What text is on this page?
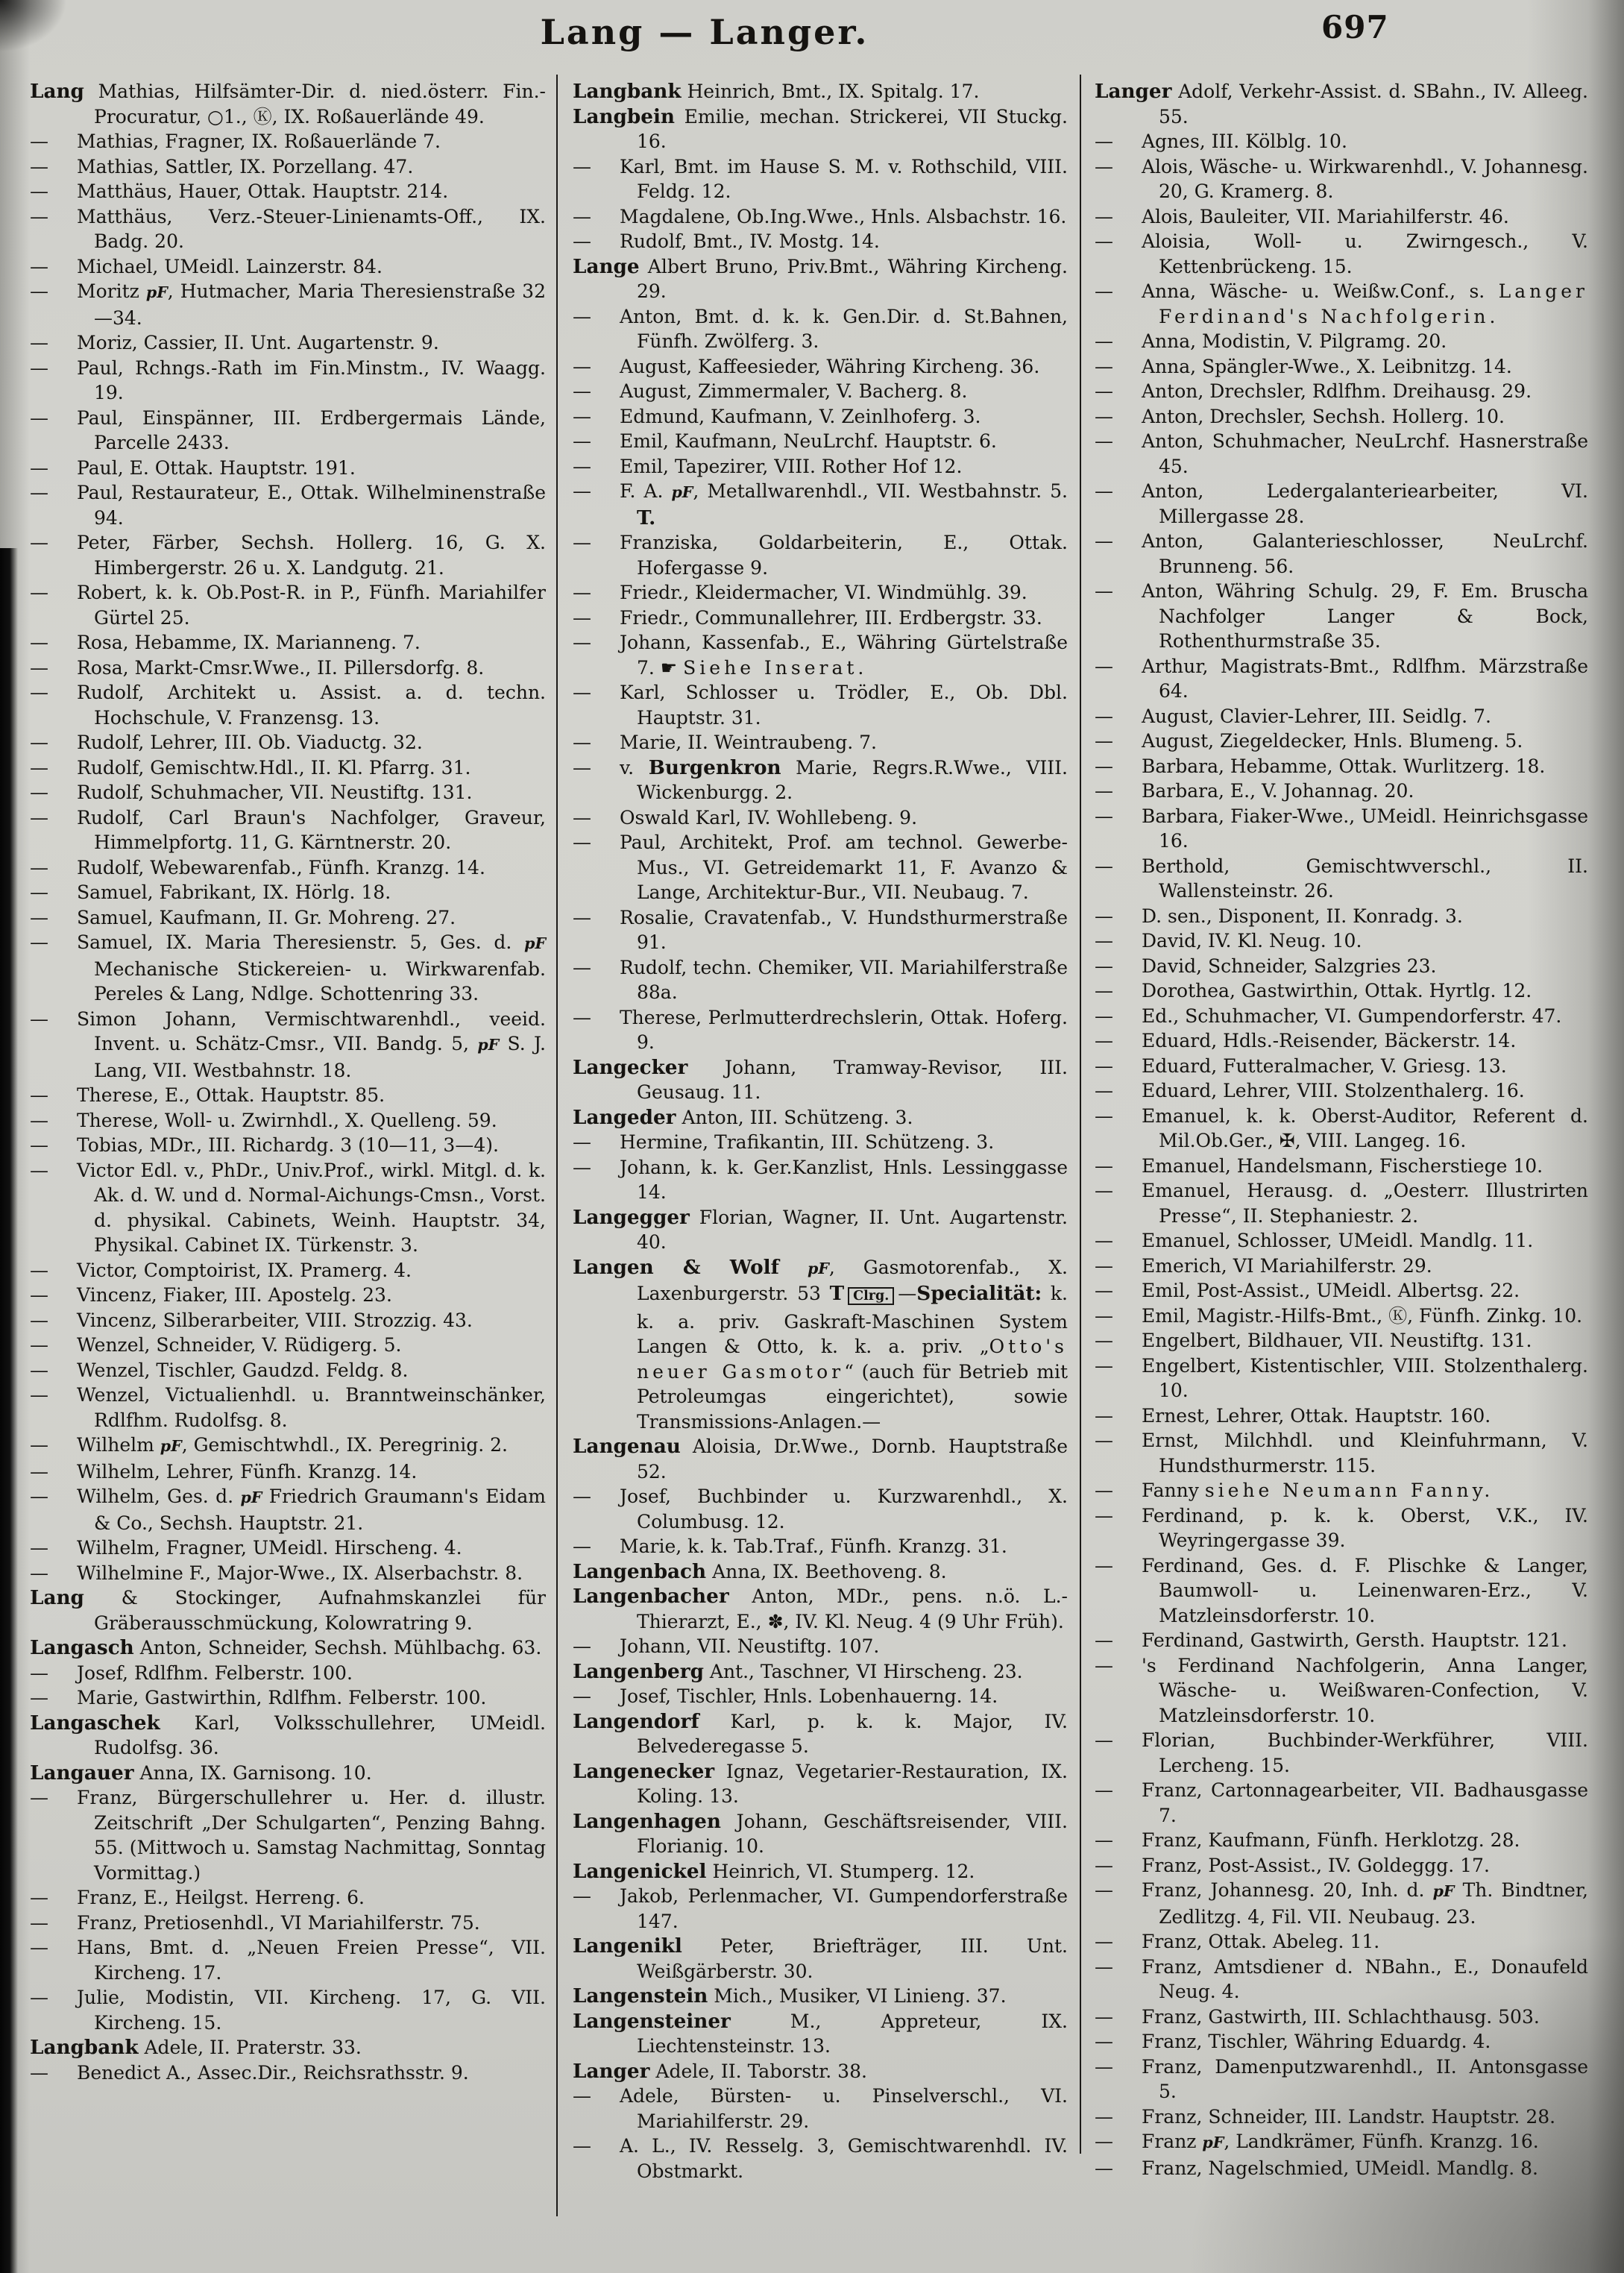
Lang — Langer.	697

Lang Mathias, Hilfsämter-Dir. d. nied.österr. Fin.-Procuratur, ○1., Ⓚ, IX. Roßauerlände 49.

— Mathias, Fragner, IX. Roßauerlände 7.

— Mathias, Sattler, IX. Porzellang. 47.

— Matthäus, Hauer, Ottak. Hauptstr. 214.

— Matthäus, Verz.-Steuer-Linienamts-Off., IX. Badg. 20.

— Michael, UMeidl. Lainzerstr. 84.

— Moritz pF, Hutmacher, Maria Theresienstraße 32—34.

— Moriz, Cassier, II. Unt. Augartenstr. 9.

— Paul, Rchngs.-Rath im Fin.Minstm., IV. Waagg. 19.

— Paul, Einspänner, III. Erdbergermais Lände, Parcelle 2433.

— Paul, E. Ottak. Hauptstr. 191.

— Paul, Restaurateur, E., Ottak. Wilhelminenstraße 94.

— Peter, Färber, Sechsh. Hollerg. 16, G. X. Himbergerstr. 26 u. X. Landgutg. 21.

— Robert, k. k. Ob.Post-R. in P., Fünfh. Mariahilfer Gürtel 25.

— Rosa, Hebamme, IX. Marianneng. 7.

— Rosa, Markt-Cmsr.Wwe., II. Pillersdorfg. 8.

— Rudolf, Architekt u. Assist. a. d. techn. Hochschule, V. Franzensg. 13.

— Rudolf, Lehrer, III. Ob. Viaductg. 32.

— Rudolf, Gemischtw.Hdl., II. Kl. Pfarrg. 31.

— Rudolf, Schuhmacher, VII. Neustiftg. 131.

— Rudolf, Carl Braun's Nachfolger, Graveur, Himmelpfortg. 11, G. Kärntnerstr. 20.

— Rudolf, Webewarenfab., Fünfh. Kranzg. 14.

— Samuel, Fabrikant, IX. Hörlg. 18.

— Samuel, Kaufmann, II. Gr. Mohreng. 27.

— Samuel, IX. Maria Theresienstr. 5, Ges. d. pF Mechanische Stickereien- u. Wirkwarenfab. Pereles & Lang, Ndlge. Schottenring 33.

— Simon Johann, Vermischtwarenhdl., veeid. Invent. u. Schätz-Cmsr., VII. Bandg. 5, pF S. J. Lang, VII. Westbahnstr. 18.

— Therese, E., Ottak. Hauptstr. 85.

— Therese, Woll- u. Zwirnhdl., X. Quelleng. 59.

— Tobias, MDr., III. Richardg. 3 (10—11, 3—4).

— Victor Edl. v., PhDr., Univ.Prof., wirkl. Mitgl. d. k. Ak. d. W. und d. Normal-Aichungs-Cmsn., Vorst. d. physikal. Cabinets, Weinh. Hauptstr. 34, Physikal. Cabinet IX. Türkenstr. 3.

— Victor, Comptoirist, IX. Pramerg. 4.

— Vincenz, Fiaker, III. Apostelg. 23.

— Vincenz, Silberarbeiter, VIII. Strozzig. 43.

— Wenzel, Schneider, V. Rüdigerg. 5.

— Wenzel, Tischler, Gaudzd. Feldg. 8.

— Wenzel, Victualienhdl. u. Branntweinschänker, Rdlfhm. Rudolfsg. 8.

— Wilhelm pF, Gemischtwhdl., IX. Peregrinig. 2.

— Wilhelm, Lehrer, Fünfh. Kranzg. 14.

— Wilhelm, Ges. d. pF Friedrich Graumann's Eidam & Co., Sechsh. Hauptstr. 21.

— Wilhelm, Fragner, UMeidl. Hirscheng. 4.

— Wilhelmine F., Major-Wwe., IX. Alserbachstr. 8.

Lang & Stockinger, Aufnahmskanzlei für Gräberausschmückung, Kolowratring 9.

Langasch Anton, Schneider, Sechsh. Mühlbachg. 63.

— Josef, Rdlfhm. Felberstr. 100.

— Marie, Gastwirthin, Rdlfhm. Felberstr. 100.

Langaschek Karl, Volksschullehrer, UMeidl. Rudolfsg. 36.

Langauer Anna, IX. Garnisong. 10.

— Franz, Bürgerschullehrer u. Her. d. illustr. Zeitschrift „Der Schulgarten“, Penzing Bahng. 55. (Mittwoch u. Samstag Nachmittag, Sonntag Vormittag.)

— Franz, E., Heilgst. Herreng. 6.

— Franz, Pretiosenhdl., VI Mariahilferstr. 75.

— Hans, Bmt. d. „Neuen Freien Presse“, VII. Kircheng. 17.

— Julie, Modistin, VII. Kircheng. 17, G. VII. Kircheng. 15.

Langbank Adele, II. Praterstr. 33.

— Benedict A., Assec.Dir., Reichsrathsstr. 9.

Langbank Heinrich, Bmt., IX. Spitalg. 17.

Langbein Emilie, mechan. Strickerei, VII Stuckg. 16.

— Karl, Bmt. im Hause S. M. v. Rothschild, VIII. Feldg. 12.

— Magdalene, Ob.Ing.Wwe., Hnls. Alsbachstr. 16.

— Rudolf, Bmt., IV. Mostg. 14.

Lange Albert Bruno, Priv.Bmt., Währing Kircheng. 29.

— Anton, Bmt. d. k. k. Gen.Dir. d. St.Bahnen, Fünfh. Zwölferg. 3.

— August, Kaffeesieder, Währing Kircheng. 36.

— August, Zimmermaler, V. Bacherg. 8.

— Edmund, Kaufmann, V. Zeinlhoferg. 3.

— Emil, Kaufmann, NeuLrchf. Hauptstr. 6.

— Emil, Tapezirer, VIII. Rother Hof 12.

— F. A. pF, Metallwarenhdl., VII. Westbahnstr. 5. T.

— Franziska, Goldarbeiterin, E., Ottak. Hofergasse 9.

— Friedr., Kleidermacher, VI. Windmühlg. 39.

— Friedr., Communallehrer, III. Erdbergstr. 33.

— Johann, Kassenfab., E., Währing Gürtelstraße 7. ☛ Siehe Inserat.

— Karl, Schlosser u. Trödler, E., Ob. Dbl. Hauptstr. 31.

— Marie, II. Weintraubeng. 7.

— v. Burgenkron Marie, Regrs.R.Wwe., VIII. Wickenburgg. 2.

— Oswald Karl, IV. Wohllebeng. 9.

— Paul, Architekt, Prof. am technol. Gewerbe-Mus., VI. Getreidemarkt 11, F. Avanzo & Lange, Architektur-Bur., VII. Neubaug. 7.

— Rosalie, Cravatenfab., V. Hundsthurmerstraße 91.

— Rudolf, techn. Chemiker, VII. Mariahilferstraße 88a.

— Therese, Perlmutterdrechslerin, Ottak. Hoferg. 9.

Langecker Johann, Tramway-Revisor, III. Geusaug. 11.

Langeder Anton, III. Schützeng. 3.

— Hermine, Trafikantin, III. Schützeng. 3.

— Johann, k. k. Ger.Kanzlist, Hnls. Lessinggasse 14.

Langegger Florian, Wagner, II. Unt. Augartenstr. 40.

Langen & Wolf pF, Gasmotorenfab., X. Laxenburgerstr. 53 T Clrg. —Specialität: k. k. a. priv. Gaskraft-Maschinen System Langen & Otto, k. k. a. priv. „Otto's neuer Gasmotor“ (auch für Betrieb mit Petroleumgas eingerichtet), sowie Transmissions-Anlagen.—

Langenau Aloisia, Dr.Wwe., Dornb. Hauptstraße 52.

— Josef, Buchbinder u. Kurzwarenhdl., X. Columbusg. 12.

— Marie, k. k. Tab.Traf., Fünfh. Kranzg. 31.

Langenbach Anna, IX. Beethoveng. 8.

Langenbacher Anton, MDr., pens. n.ö. L.-Thierarzt, E., ✽, IV. Kl. Neug. 4 (9 Uhr Früh).

— Johann, VII. Neustiftg. 107.

Langenberg Ant., Taschner, VI Hirscheng. 23.

— Josef, Tischler, Hnls. Lobenhauerng. 14.

Langendorf Karl, p. k. k. Major, IV. Belvederegasse 5.

Langenecker Ignaz, Vegetarier-Restauration, IX. Koling. 13.

Langenhagen Johann, Geschäftsreisender, VIII. Florianig. 10.

Langenickel Heinrich, VI. Stumperg. 12.

— Jakob, Perlenmacher, VI. Gumpendorferstraße 147.

Langenikl Peter, Briefträger, III. Unt. Weißgärberstr. 30.

Langenstein Mich., Musiker, VI Linieng. 37.

Langensteiner M., Appreteur, IX. Liechtensteinstr. 13.

Langer Adele, II. Taborstr. 38.

— Adele, Bürsten- u. Pinselverschl., VI. Mariahilferstr. 29.

— A. L., IV. Resselg. 3, Gemischtwarenhdl. IV. Obstmarkt.

Langer Adolf, Verkehr-Assist. d. SBahn., IV. Alleeg. 55.

— Agnes, III. Kölblg. 10.

— Alois, Wäsche- u. Wirkwarenhdl., V. Johannesg. 20, G. Kramerg. 8.

— Alois, Bauleiter, VII. Mariahilferstr. 46.

— Aloisia, Woll- u. Zwirngesch., V. Kettenbrückeng. 15.

— Anna, Wäsche- u. Weißw.Conf., s. Langer Ferdinand's Nachfolgerin.

— Anna, Modistin, V. Pilgramg. 20.

— Anna, Spängler-Wwe., X. Leibnitzg. 14.

— Anton, Drechsler, Rdlfhm. Dreihausg. 29.

— Anton, Drechsler, Sechsh. Hollerg. 10.

— Anton, Schuhmacher, NeuLrchf. Hasnerstraße 45.

— Anton, Ledergalanteriearbeiter, VI. Millergasse 28.

— Anton, Galanterieschlosser, NeuLrchf. Brunneng. 56.

— Anton, Währing Schulg. 29, F. Em. Bruscha Nachfolger Langer & Bock, Rothenthurmstraße 35.

— Arthur, Magistrats-Bmt., Rdlfhm. Märzstraße 64.

— August, Clavier-Lehrer, III. Seidlg. 7.

— August, Ziegeldecker, Hnls. Blumeng. 5.

— Barbara, Hebamme, Ottak. Wurlitzerg. 18.

— Barbara, E., V. Johannag. 20.

— Barbara, Fiaker-Wwe., UMeidl. Heinrichsgasse 16.

— Berthold, Gemischtwverschl., II. Wallensteinstr. 26.

— D. sen., Disponent, II. Konradg. 3.

— David, IV. Kl. Neug. 10.

— David, Schneider, Salzgries 23.

— Dorothea, Gastwirthin, Ottak. Hyrtlg. 12.

— Ed., Schuhmacher, VI. Gumpendorferstr. 47.

— Eduard, Hdls.-Reisender, Bäckerstr. 14.

— Eduard, Futteralmacher, V. Griesg. 13.

— Eduard, Lehrer, VIII. Stolzenthalerg. 16.

— Emanuel, k. k. Oberst-Auditor, Referent d. Mil.Ob.Ger., ✠, VIII. Langeg. 16.

— Emanuel, Handelsmann, Fischerstiege 10.

— Emanuel, Herausg. d. „Oesterr. Illustrirten Presse“, II. Stephaniestr. 2.

— Emanuel, Schlosser, UMeidl. Mandlg. 11.

— Emerich, VI Mariahilferstr. 29.

— Emil, Post-Assist., UMeidl. Albertsg. 22.

— Emil, Magistr.-Hilfs-Bmt., Ⓚ, Fünfh. Zinkg. 10.

— Engelbert, Bildhauer, VII. Neustiftg. 131.

— Engelbert, Kistentischler, VIII. Stolzenthalerg. 10.

— Ernest, Lehrer, Ottak. Hauptstr. 160.

— Ernst, Milchhdl. und Kleinfuhrmann, V. Hundsthurmerstr. 115.

— Fanny siehe Neumann Fanny.

— Ferdinand, p. k. k. Oberst, V.K., IV. Weyringergasse 39.

— Ferdinand, Ges. d. F. Plischke & Langer, Baumwoll- u. Leinenwaren-Erz., V. Matzleinsdorferstr. 10.

— Ferdinand, Gastwirth, Gersth. Hauptstr. 121.

— 's Ferdinand Nachfolgerin, Anna Langer, Wäsche- u. Weißwaren-Confection, V. Matzleinsdorferstr. 10.

— Florian, Buchbinder-Werkführer, VIII. Lercheng. 15.

— Franz, Cartonnagearbeiter, VII. Badhausgasse 7.

— Franz, Kaufmann, Fünfh. Herklotzg. 28.

— Franz, Post-Assist., IV. Goldeggg. 17.

— Franz, Johannesg. 20, Inh. d. pF Th. Bindtner, Zedlitzg. 4, Fil. VII. Neubaug. 23.

— Franz, Ottak. Abeleg. 11.

— Franz, Amtsdiener d. NBahn., E., Donaufeld Neug. 4.

— Franz, Gastwirth, III. Schlachthausg. 503.

— Franz, Tischler, Währing Eduardg. 4.

— Franz, Damenputzwarenhdl., II. Antonsgasse 5.

— Franz, Schneider, III. Landstr. Hauptstr. 28.

— Franz pF, Landkrämer, Fünfh. Kranzg. 16.

— Franz, Nagelschmied, UMeidl. Mandlg. 8.
